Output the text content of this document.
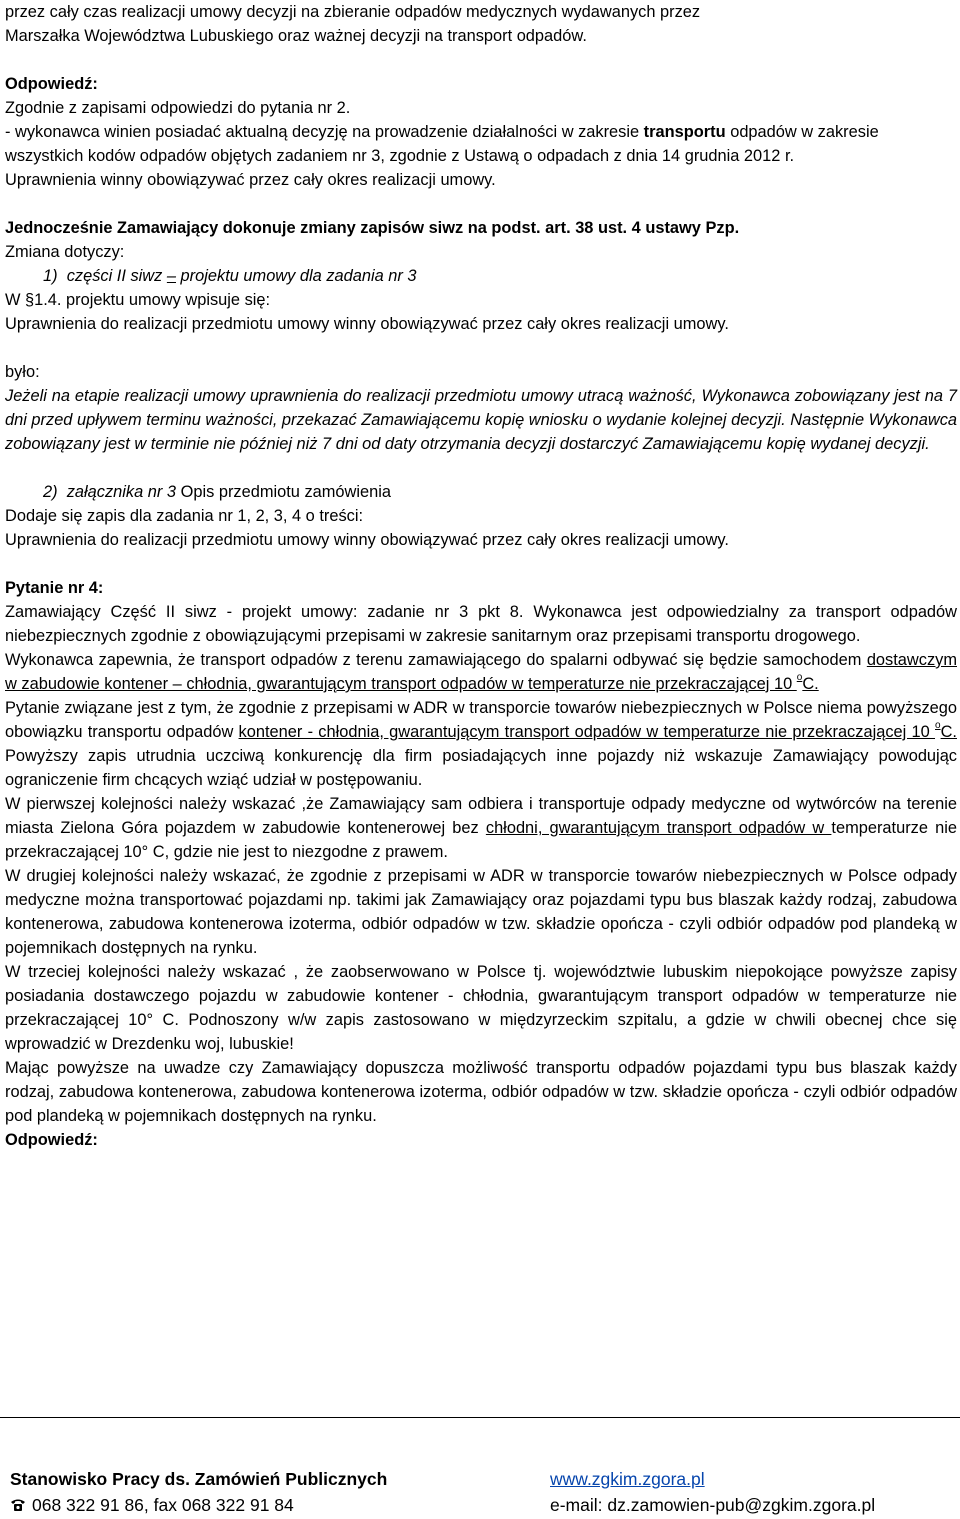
przez cały czas realizacji umowy decyzji na zbieranie odpadów medycznych wydawanych przez
Marszałka Województwa Lubuskiego oraz ważnej decyzji na transport odpadów.

Odpowiedź:

Zgodnie z zapisami odpowiedzi do pytania nr 2.

- wykonawca winien posiadać aktualną decyzję na prowadzenie działalności w zakresie transportu odpadów w zakresie wszystkich kodów odpadów objętych zadaniem nr 3, zgodnie z Ustawą o odpadach z dnia 14 grudnia 2012 r.

Uprawnienia winny obowiązywać przez cały okres realizacji umowy.

Jednocześnie Zamawiający dokonuje zmiany zapisów siwz na podst. art. 38 ust. 4 ustawy Pzp.

Zmiana dotyczy:

1) części II siwz – projektu umowy dla zadania nr 3

W §1.4. projektu umowy wpisuje się:

Uprawnienia do realizacji przedmiotu umowy winny obowiązywać przez cały okres realizacji umowy.

było:

Jeżeli na etapie realizacji umowy uprawnienia do realizacji przedmiotu umowy utracą ważność, Wykonawca zobowiązany jest na 7 dni przed upływem terminu ważności, przekazać Zamawiającemu kopię wniosku o wydanie kolejnej decyzji. Następnie Wykonawca zobowiązany jest w terminie nie później niż 7 dni od daty otrzymania decyzji dostarczyć Zamawiającemu kopię wydanej decyzji.

2) załącznika nr 3 Opis przedmiotu zamówienia

Dodaje się zapis dla zadania nr 1, 2, 3, 4 o treści:

Uprawnienia do realizacji przedmiotu umowy winny obowiązywać przez cały okres realizacji umowy.

Pytanie nr 4:

Zamawiający Część II siwz - projekt umowy: zadanie nr 3 pkt 8. Wykonawca jest odpowiedzialny za transport odpadów niebezpiecznych zgodnie z obowiązującymi przepisami w zakresie sanitarnym oraz przepisami transportu drogowego.

Wykonawca zapewnia, że transport odpadów z terenu zamawiającego do spalarni odbywać się będzie samochodem dostawczym w zabudowie kontener – chłodnia, gwarantującym transport odpadów w temperaturze nie przekraczającej 10 $^o$C.

Pytanie związane jest z tym, że zgodnie z przepisami w ADR w transporcie towarów niebezpiecznych w Polsce niema powyższego obowiązku transportu odpadów kontener - chłodnia, gwarantującym transport odpadów w temperaturze nie przekraczającej 10 $^o$C. Powyższy zapis utrudnia uczciwą konkurencję dla firm posiadających inne pojazdy niż wskazuje Zamawiający powodując ograniczenie firm chcących wziąć udział w postępowaniu.

W pierwszej kolejności należy wskazać ,że Zamawiający sam odbiera i transportuje odpady medyczne od wytwórców na terenie miasta Zielona Góra pojazdem w zabudowie kontenerowej bez chłodni, gwarantującym transport odpadów w temperaturze nie przekraczającej 10° C, gdzie nie jest to niezgodne z prawem.

W drugiej kolejności należy wskazać, że zgodnie z przepisami w ADR w transporcie towarów niebezpiecznych w Polsce odpady medyczne można transportować pojazdami np. takimi jak Zamawiający oraz pojazdami typu bus blaszak każdy rodzaj, zabudowa kontenerowa, zabudowa kontenerowa izoterma, odbiór odpadów w tzw. składzie opończa - czyli odbiór odpadów pod plandeką w pojemnikach dostępnych na rynku.

W trzeciej kolejności należy wskazać , że zaobserwowano w Polsce tj. województwie lubuskim niepokojące powyższe zapisy posiadania dostawczego pojazdu w zabudowie kontener - chłodnia, gwarantującym transport odpadów w temperaturze nie przekraczającej 10° C. Podnoszony w/w zapis zastosowano w międzyrzeckim szpitalu, a gdzie w chwili obecnej chce się wprowadzić w Drezdenku woj, lubuskie!

Mając powyższe na uwadze czy Zamawiający dopuszcza możliwość transportu odpadów pojazdami typu bus blaszak każdy rodzaj, zabudowa kontenerowa, zabudowa kontenerowa izoterma, odbiór odpadów w tzw. składzie opończa - czyli odbiór odpadów pod plandeką w pojemnikach dostępnych na rynku.

Odpowiedź:

Stanowisko Pracy ds. Zamówień Publicznych	www.zgkim.zgora.pl
068 322 91 86, fax 068 322 91 84	e-mail: dz.zamowien-pub@zgkim.zgora.pl
